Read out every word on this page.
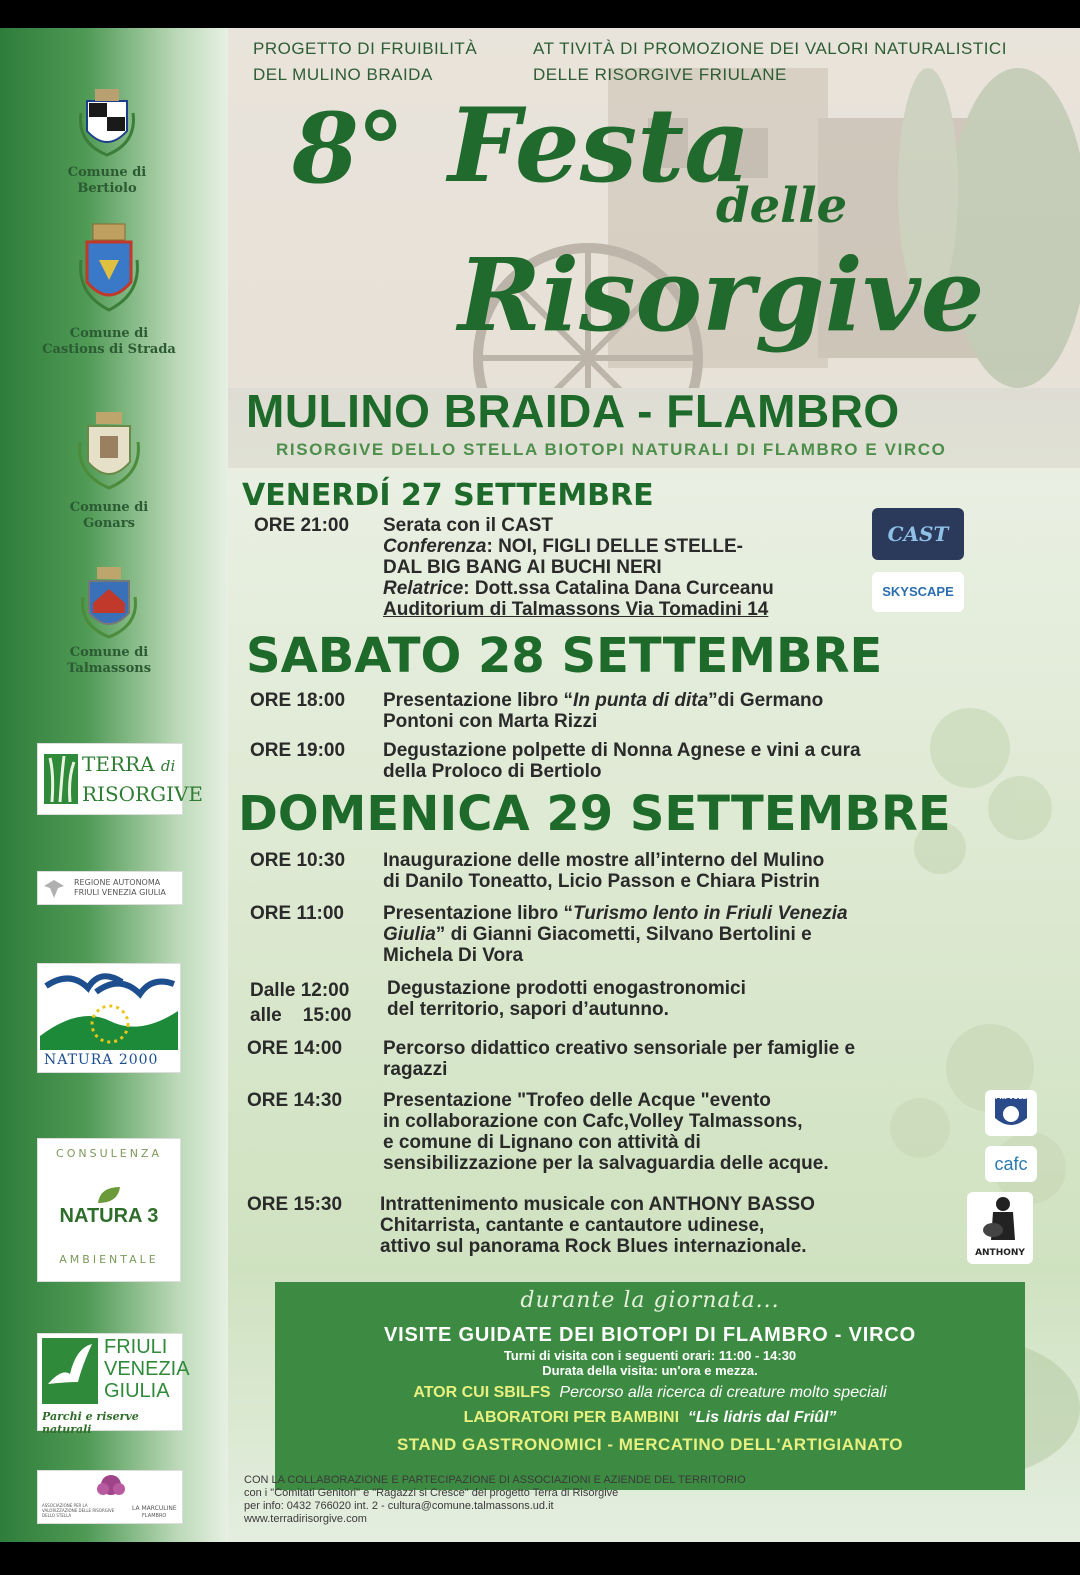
Comune di
Bertiolo
Comune di
Castions di Strada
Comune di
Gonars
Comune di
Talmassons
TERRA di
RISORGIVE
REGIONE AUTONOMA
FRIULI VENEZIA GIULIA
NATURA 2000
CONSULENZA
NATURA 3
AMBIENTALE
FRIULI
VENEZIA
GIULIA
Parchi e riserve naturali
ASSOCIAZIONE PER LA VALORIZZAZIONE DELLE RISORGIVE DELLO STELLA
LA MARCULINE
FLAMBRO
PROGETTO DI FRUIBILITÀ
DEL MULINO BRAIDA
AT TIVITÀ DI PROMOZIONE DEI VALORI NATURALISTICI
DELLE RISORGIVE FRIULANE
8° Festa
delle
Risorgive
MULINO BRAIDA - FLAMBRO
RISORGIVE DELLO STELLA BIOTOPI NATURALI DI FLAMBRO E VIRCO
VENERDÍ 27 SETTEMBRE
ORE 21:00 Serata con il CAST
Conferenza: NOI, FIGLI DELLE STELLE-
DAL BIG BANG AI BUCHI NERI
Relatrice: Dott.ssa Catalina Dana Curceanu
Auditorium di Talmassons Via Tomadini 14
CAST
SKYSCAPE
SABATO 28 SETTEMBRE
ORE 18:00 Presentazione libro “In punta di dita”di Germano
Pontoni con Marta Rizzi
ORE 19:00 Degustazione polpette di Nonna Agnese e vini a cura
della Proloco di Bertiolo
DOMENICA 29 SETTEMBRE
ORE 10:30 Inaugurazione delle mostre all’interno del Mulino
di Danilo Toneatto, Licio Passon e Chiara Pistrin
ORE 11:00 Presentazione libro “Turismo lento in Friuli Venezia
Giulia” di Gianni Giacometti, Silvano Bertolini e
Michela Di Vora
Dalle 12:00
alle    15:00
Degustazione prodotti enogastronomici
del territorio, sapori d’autunno.
ORE 14:00 Percorso didattico creativo sensoriale per famiglie e
ragazzi
ORE 14:30 Presentazione "Trofeo delle Acque "evento
in collaborazione con Cafc,Volley Talmassons,
e comune di Lignano con attività di
sensibilizzazione per la salvaguardia delle acque.
ORE 15:30 Intrattenimento musicale con ANTHONY BASSO
Chitarrista, cantante e cantautore udinese,
attivo sul panorama Rock Blues internazionale.
CITTÀ VOLLEY
cafc
ANTHONY
durante la giornata...
VISITE GUIDATE DEI BIOTOPI DI FLAMBRO - VIRCO
Turni di visita con i seguenti orari: 11:00 - 14:30
Durata della visita: un'ora e mezza.
ATOR CUI SBILFS Percorso alla ricerca di creature molto speciali
LABORATORI PER BAMBINI “Lis lidris dal Friûl”
STAND GASTRONOMICI - MERCATINO DELL'ARTIGIANATO
CON LA COLLABORAZIONE E PARTECIPAZIONE DI ASSOCIAZIONI E AZIENDE DEL TERRITORIO
con i "Comitati Genitori" e "Ragazzi si Cresce" del progetto Terra di Risorgive
per info: 0432 766020 int. 2 - cultura@comune.talmassons.ud.it
www.terradirisorgive.com
